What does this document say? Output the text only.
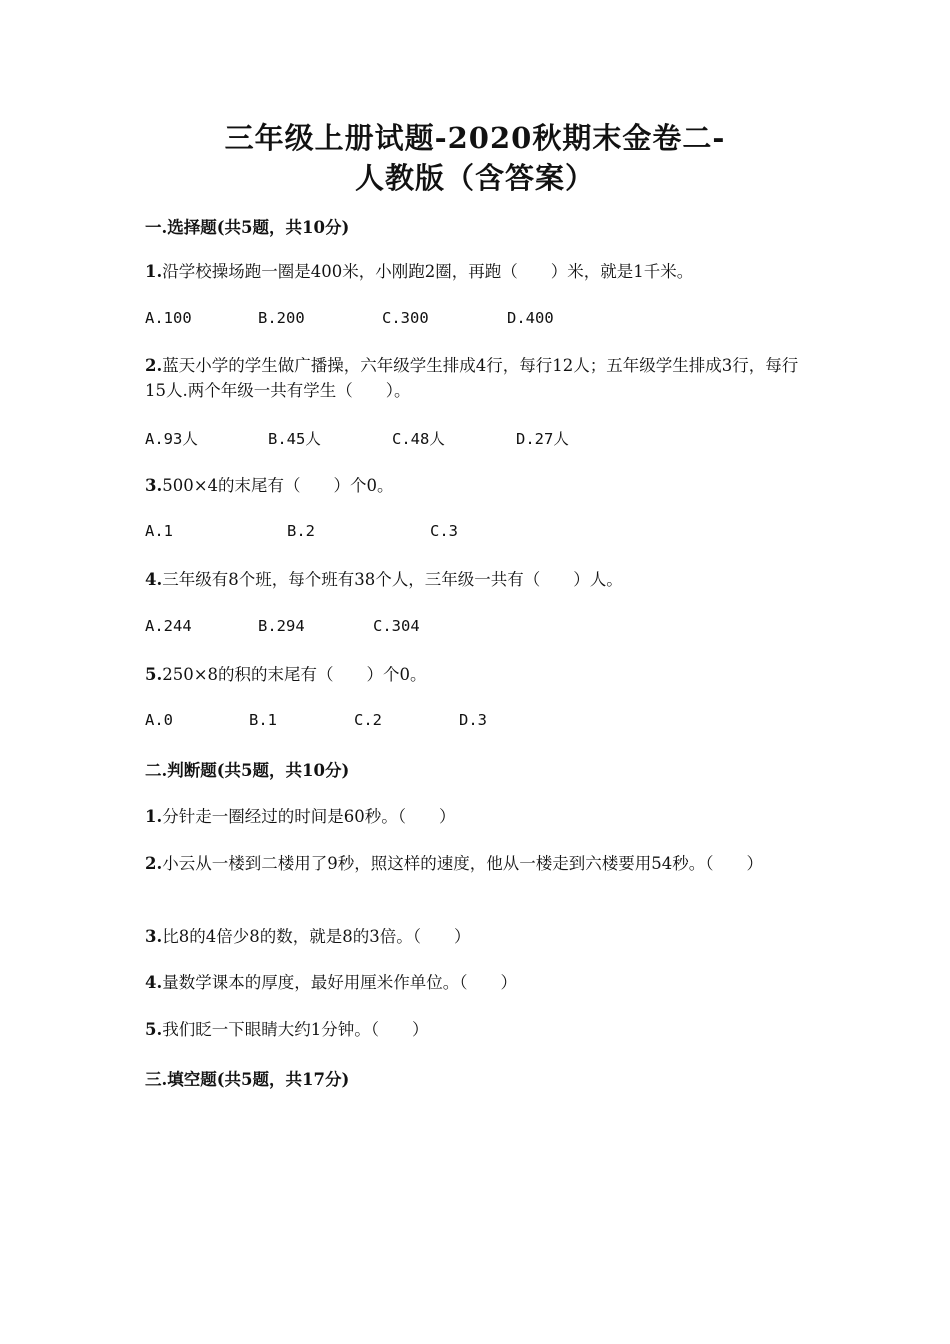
三年级上册试题-2020秋期末金卷二-
人教版（含答案）
一.选择题(共5题，共10分)
1.沿学校操场跑一圈是400米，小刚跑2圈，再跑（　　）米，就是1千米。
A.100	B.200	C.300	D.400
2.蓝天小学的学生做广播操，六年级学生排成4行，每行12人；五年级学生排成3行，每行15人.两个年级一共有学生（　　）。
A.93人	B.45人	C.48人	D.27人
3.500×4的末尾有（　　）个0。
A.1	B.2	C.3
4.三年级有8个班，每个班有38个人，三年级一共有（　　）人。
A.244	B.294	C.304
5.250×8的积的末尾有（　　）个0。
A.0	B.1	C.2	D.3
二.判断题(共5题，共10分)
1.分针走一圈经过的时间是60秒。（　　）
2.小云从一楼到二楼用了9秒，照这样的速度，他从一楼走到六楼要用54秒。（　　）
3.比8的4倍少8的数，就是8的3倍。（　　）
4.量数学课本的厚度，最好用厘米作单位。（　　）
5.我们眨一下眼睛大约1分钟。（　　）
三.填空题(共5题，共17分)
